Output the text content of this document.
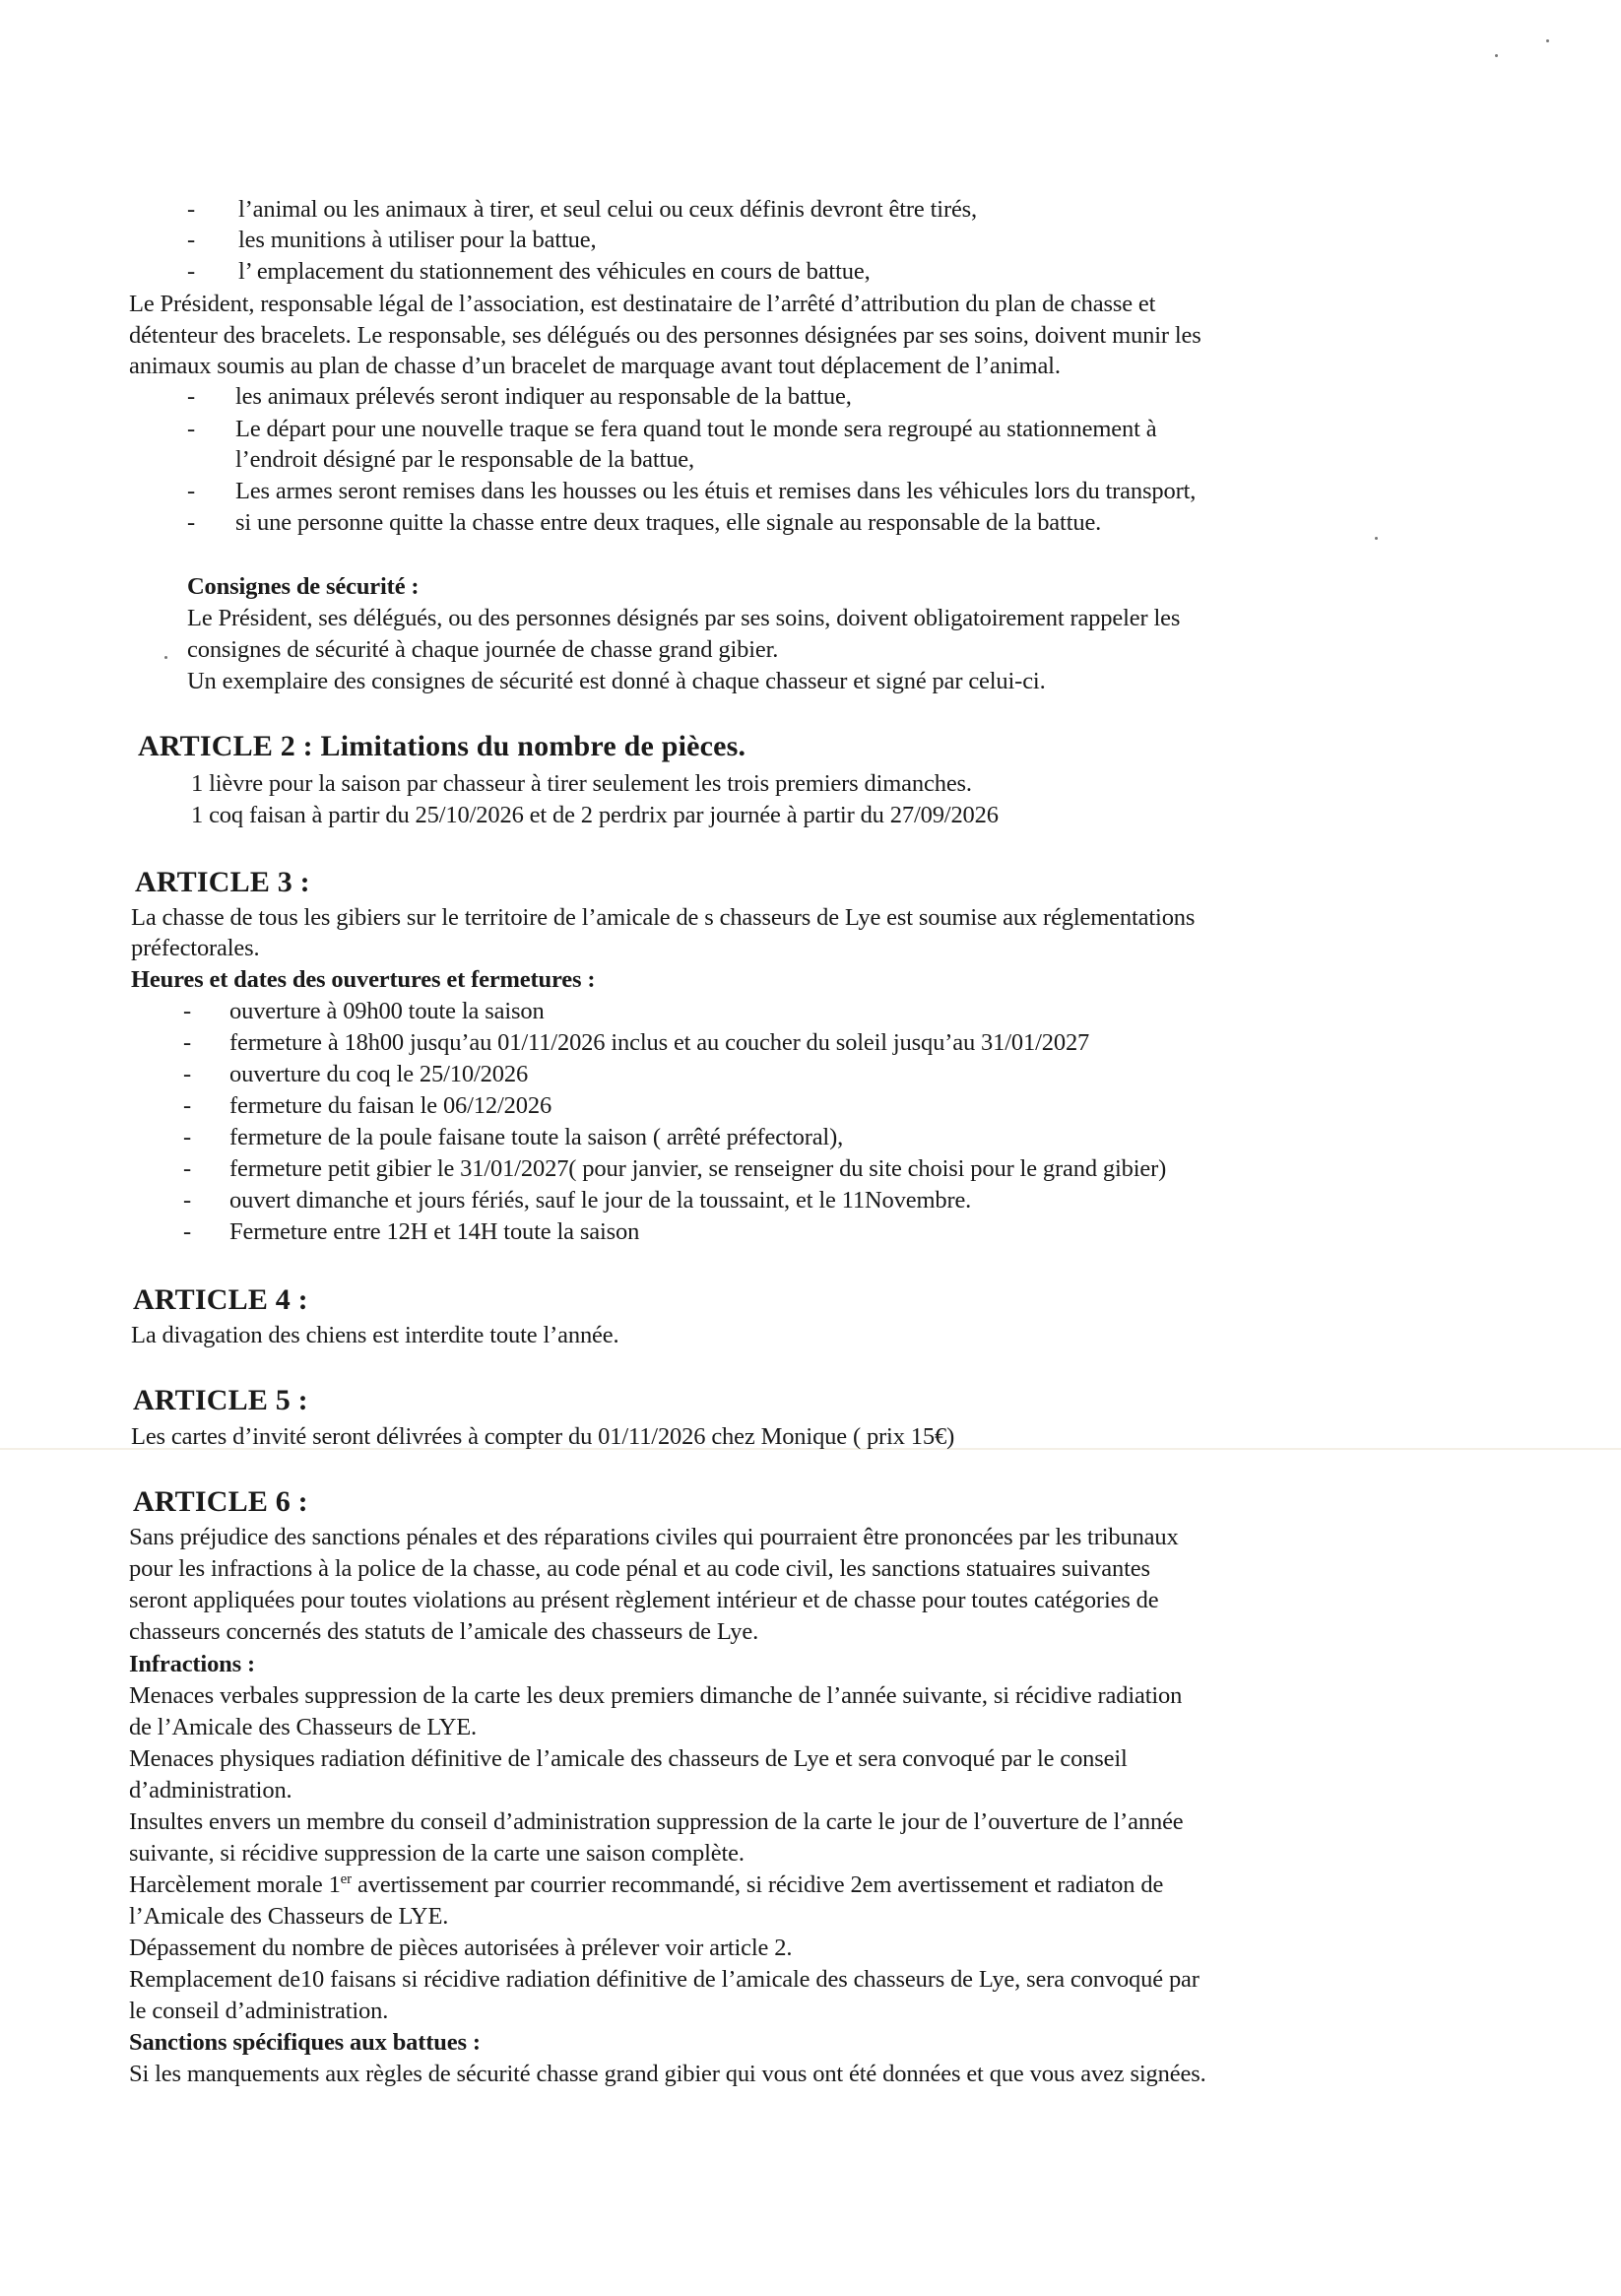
- l’animal ou les animaux à tirer, et seul celui ou ceux définis devront être tirés,
- les munitions à utiliser pour la battue,
- l’ emplacement du stationnement des véhicules en cours de battue,
Le Président, responsable légal de l’association, est destinataire de l’arrêté d’attribution du plan de chasse et
détenteur des bracelets. Le responsable, ses délégués ou des personnes désignées par ses soins, doivent munir les
animaux soumis au plan de chasse d’un bracelet de marquage avant tout déplacement de l’animal.
- les animaux prélevés seront indiquer au responsable de la battue,
- Le départ pour une nouvelle traque se fera quand tout le monde sera regroupé au stationnement à
l’endroit désigné par le responsable de la battue,
- Les armes seront remises dans les housses ou les étuis et remises dans les véhicules lors du transport,
- si une personne quitte la chasse entre deux traques, elle signale au responsable de la battue.
Consignes de sécurité :
Le Président, ses délégués, ou des personnes désignés par ses soins, doivent obligatoirement rappeler les
consignes de sécurité à chaque journée de chasse grand gibier.
Un exemplaire des consignes de sécurité est donné à chaque chasseur et signé par celui-ci.
ARTICLE 2 : Limitations du nombre de pièces.
1 lièvre pour la saison par chasseur à tirer seulement les trois premiers dimanches.
1 coq faisan à partir du 25/10/2026 et de 2 perdrix par journée à partir du 27/09/2026
ARTICLE 3 :
La chasse de tous les gibiers sur le territoire de l’amicale de s chasseurs de Lye est soumise aux réglementations
préfectorales.
Heures et dates des ouvertures et fermetures :
- ouverture à 09h00 toute la saison
- fermeture à 18h00 jusqu’au 01/11/2026 inclus et au coucher du soleil jusqu’au 31/01/2027
- ouverture du coq le 25/10/2026
- fermeture du faisan le 06/12/2026
- fermeture de la poule faisane toute la saison ( arrêté préfectoral),
- fermeture petit gibier le 31/01/2027( pour janvier, se renseigner du site choisi pour le grand gibier)
- ouvert dimanche et jours fériés, sauf le jour de la toussaint, et le 11Novembre.
- Fermeture entre 12H et 14H toute la saison
ARTICLE 4 :
La divagation des chiens est interdite toute l’année.
ARTICLE 5 :
Les cartes d’invité seront délivrées à compter du 01/11/2026 chez Monique ( prix 15€)
ARTICLE 6 :
Sans préjudice des sanctions pénales et des réparations civiles qui pourraient être prononcées par les tribunaux
pour les infractions à la police de la chasse, au code pénal et au code civil, les sanctions statuaires suivantes
seront appliquées pour toutes violations au présent règlement intérieur et de chasse pour toutes catégories de
chasseurs concernés des statuts de l’amicale des chasseurs de Lye.
Infractions :
Menaces verbales suppression de la carte les deux premiers dimanche de l’année suivante, si récidive radiation
de l’Amicale des Chasseurs de LYE.
Menaces physiques radiation définitive de l’amicale des chasseurs de Lye et sera convoqué par le conseil
d’administration.
Insultes envers un membre du conseil d’administration suppression de la carte le jour de l’ouverture de l’année
suivante, si récidive suppression de la carte une saison complète.
Harcèlement morale 1er avertissement par courrier recommandé, si récidive 2em avertissement et radiaton de
l’Amicale des Chasseurs de LYE.
Dépassement du nombre de pièces autorisées à prélever voir article 2.
Remplacement de10 faisans si récidive radiation définitive de l’amicale des chasseurs de Lye, sera convoqué par
le conseil d’administration.
Sanctions spécifiques aux battues :
Si les manquements aux règles de sécurité chasse grand gibier qui vous ont été données et que vous avez signées.
